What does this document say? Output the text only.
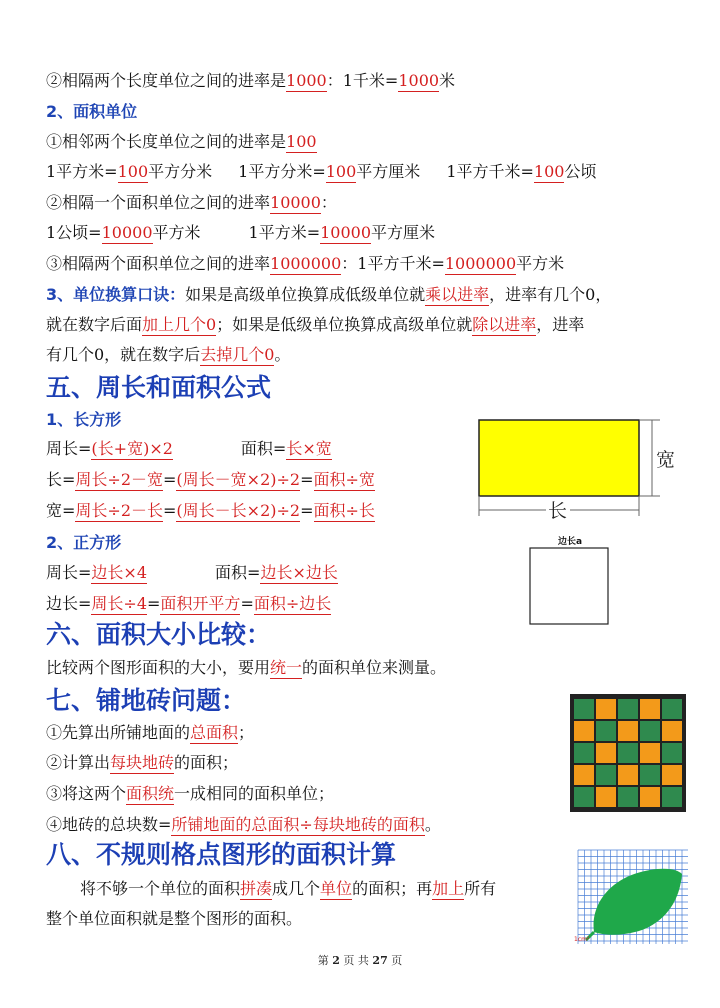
②相隔两个长度单位之间的进率是1000：1千米=1000米
2、面积单位
①相邻两个长度单位之间的进率是100
1平方米=100平方分米 1平方分米=100平方厘米 1平方千米=100公顷
②相隔一个面积单位之间的进率10000：
1公顷=10000平方米	1平方米=10000平方厘米
③相隔两个面积单位之间的进率1000000：1平方千米=1000000平方米
3、单位换算口诀：如果是高级单位换算成低级单位就乘以进率，进率有几个0，
就在数字后面加上几个0；如果是低级单位换算成高级单位就除以进率，进率
有几个0，就在数字后去掉几个0。
五、周长和面积公式
1、长方形
周长=(长+宽)×2	面积=长×宽
长=周长÷2－宽=(周长－宽×2)÷2=面积÷宽
宽=周长÷2－长=(周长－长×2)÷2=面积÷长
2、正方形
周长=边长×4	面积=边长×边长
边长=周长÷4=面积开平方=面积÷边长
宽
长
边长a
六、面积大小比较：
比较两个图形面积的大小，要用统一的面积单位来测量。
七、铺地砖问题：
①先算出所铺地面的总面积；
②计算出每块地砖的面积；
③将这两个面积统一成相同的面积单位；
④地砖的总块数=所铺地面的总面积÷每块地砖的面积。
八、不规则格点图形的面积计算
将不够一个单位的面积拼凑成几个单位的面积；再加上所有
整个单位面积就是整个图形的面积。
1cm²
第 2 页 共 27 页
